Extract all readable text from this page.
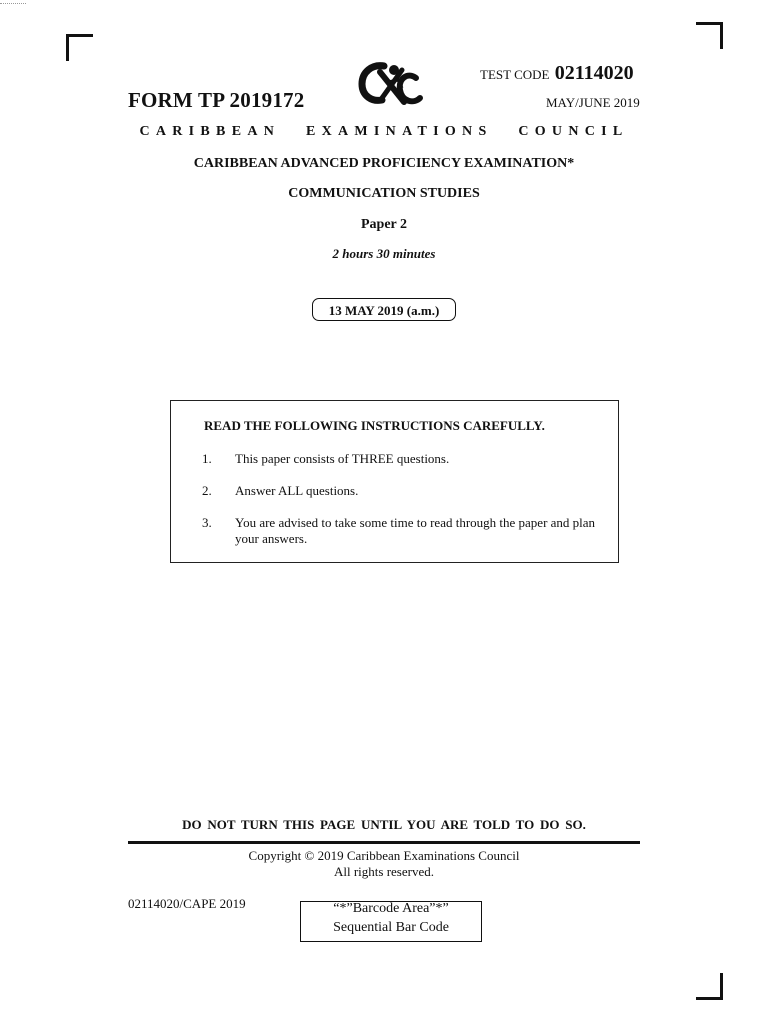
FORM TP 2019172
TEST CODE 02114020
MAY/JUNE 2019
CARIBBEAN EXAMINATIONS COUNCIL
CARIBBEAN ADVANCED PROFICIENCY EXAMINATION*
COMMUNICATION STUDIES
Paper 2
2 hours 30 minutes
13 MAY 2019 (a.m.)
READ THE FOLLOWING INSTRUCTIONS CAREFULLY.
1. This paper consists of THREE questions.
2. Answer ALL questions.
3. You are advised to take some time to read through the paper and plan your answers.
DO NOT TURN THIS PAGE UNTIL YOU ARE TOLD TO DO SO.
Copyright © 2019 Caribbean Examinations Council
All rights reserved.
02114020/CAPE 2019	“*”Barcode Area”*”
Sequential Bar Code
